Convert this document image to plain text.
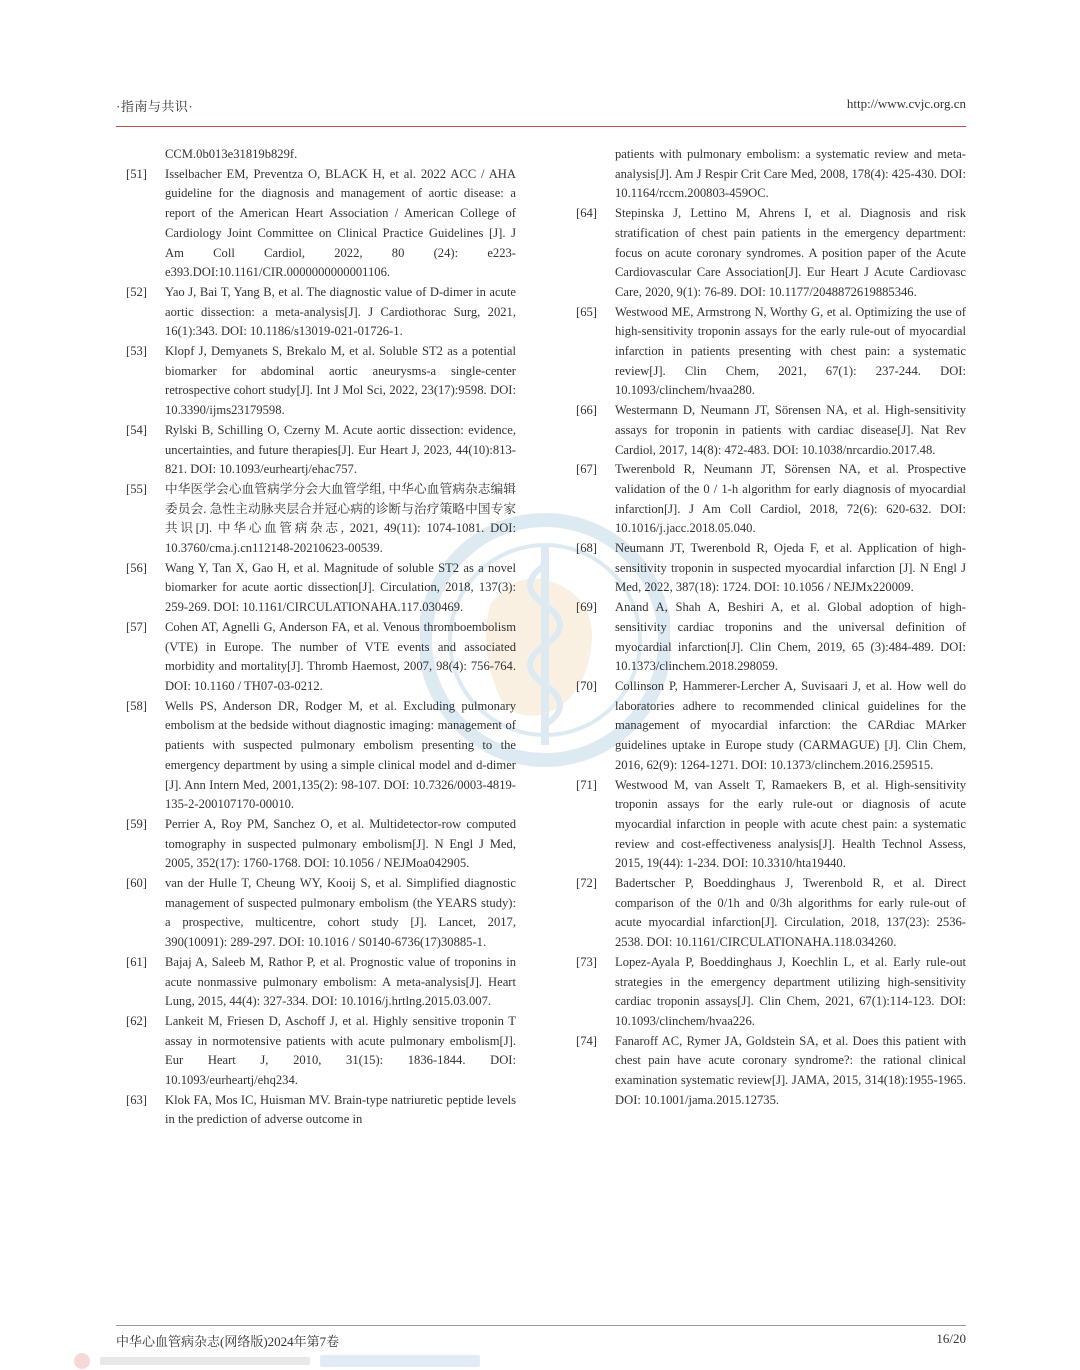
·指南与共识·	http://www.cvjc.org.cn
CCM.0b013e31819b829f.
[51] Isselbacher EM, Preventza O, BLACK H, et al. 2022 ACC / AHA guideline for the diagnosis and management of aortic disease: a report of the American Heart Association / American College of Cardiology Joint Committee on Clinical Practice Guidelines [J]. J Am Coll Cardiol, 2022, 80 (24): e223-e393.DOI:10.1161/CIR.0000000000001106.
[52] Yao J, Bai T, Yang B, et al. The diagnostic value of D-dimer in acute aortic dissection: a meta-analysis[J]. J Cardiothorac Surg, 2021, 16(1):343. DOI: 10.1186/s13019-021-01726-1.
[53] Klopf J, Demyanets S, Brekalo M, et al. Soluble ST2 as a potential biomarker for abdominal aortic aneurysms-a single-center retrospective cohort study[J]. Int J Mol Sci, 2022, 23(17):9598. DOI: 10.3390/ijms23179598.
[54] Rylski B, Schilling O, Czerny M. Acute aortic dissection: evidence, uncertainties, and future therapies[J]. Eur Heart J, 2023, 44(10):813-821. DOI: 10.1093/eurheartj/ehac757.
[55] 中华医学会心血管病学分会大血管学组, 中华心血管病杂志编辑委员会. 急性主动脉夹层合并冠心病的诊断与治疗策略中国专家共识[J]. 中华心血管病杂志, 2021, 49(11): 1074-1081. DOI: 10.3760/cma.j.cn112148-20210623-00539.
[56] Wang Y, Tan X, Gao H, et al. Magnitude of soluble ST2 as a novel biomarker for acute aortic dissection[J]. Circulation, 2018, 137(3): 259-269. DOI: 10.1161/CIRCULATIONAHA.117.030469.
[57] Cohen AT, Agnelli G, Anderson FA, et al. Venous thromboembolism (VTE) in Europe. The number of VTE events and associated morbidity and mortality[J]. Thromb Haemost, 2007, 98(4): 756-764. DOI: 10.1160 / TH07-03-0212.
[58] Wells PS, Anderson DR, Rodger M, et al. Excluding pulmonary embolism at the bedside without diagnostic imaging: management of patients with suspected pulmonary embolism presenting to the emergency department by using a simple clinical model and d-dimer [J]. Ann Intern Med, 2001,135(2): 98-107. DOI: 10.7326/0003-4819-135-2-200107170-00010.
[59] Perrier A, Roy PM, Sanchez O, et al. Multidetector-row computed tomography in suspected pulmonary embolism[J]. N Engl J Med, 2005, 352(17): 1760-1768. DOI: 10.1056 / NEJMoa042905.
[60] van der Hulle T, Cheung WY, Kooij S, et al. Simplified diagnostic management of suspected pulmonary embolism (the YEARS study): a prospective, multicentre, cohort study [J]. Lancet, 2017, 390(10091): 289-297. DOI: 10.1016 / S0140-6736(17)30885-1.
[61] Bajaj A, Saleeb M, Rathor P, et al. Prognostic value of troponins in acute nonmassive pulmonary embolism: A meta-analysis[J]. Heart Lung, 2015, 44(4): 327-334. DOI: 10.1016/j.hrtlng.2015.03.007.
[62] Lankeit M, Friesen D, Aschoff J, et al. Highly sensitive troponin T assay in normotensive patients with acute pulmonary embolism[J]. Eur Heart J, 2010, 31(15): 1836-1844. DOI: 10.1093/eurheartj/ehq234.
[63] Klok FA, Mos IC, Huisman MV. Brain-type natriuretic peptide levels in the prediction of adverse outcome in
patients with pulmonary embolism: a systematic review and meta-analysis[J]. Am J Respir Crit Care Med, 2008, 178(4): 425-430. DOI: 10.1164/rccm.200803-459OC.
[64] Stepinska J, Lettino M, Ahrens I, et al. Diagnosis and risk stratification of chest pain patients in the emergency department: focus on acute coronary syndromes. A position paper of the Acute Cardiovascular Care Association[J]. Eur Heart J Acute Cardiovasc Care, 2020, 9(1): 76-89. DOI: 10.1177/2048872619885346.
[65] Westwood ME, Armstrong N, Worthy G, et al. Optimizing the use of high-sensitivity troponin assays for the early rule-out of myocardial infarction in patients presenting with chest pain: a systematic review[J]. Clin Chem, 2021, 67(1): 237-244. DOI: 10.1093/clinchem/hvaa280.
[66] Westermann D, Neumann JT, Sörensen NA, et al. High-sensitivity assays for troponin in patients with cardiac disease[J]. Nat Rev Cardiol, 2017, 14(8): 472-483. DOI: 10.1038/nrcardio.2017.48.
[67] Twerenbold R, Neumann JT, Sörensen NA, et al. Prospective validation of the 0 / 1-h algorithm for early diagnosis of myocardial infarction[J]. J Am Coll Cardiol, 2018, 72(6): 620-632. DOI: 10.1016/j.jacc.2018.05.040.
[68] Neumann JT, Twerenbold R, Ojeda F, et al. Application of high-sensitivity troponin in suspected myocardial infarction [J]. N Engl J Med, 2022, 387(18): 1724. DOI: 10.1056 / NEJMx220009.
[69] Anand A, Shah A, Beshiri A, et al. Global adoption of high-sensitivity cardiac troponins and the universal definition of myocardial infarction[J]. Clin Chem, 2019, 65 (3):484-489. DOI: 10.1373/clinchem.2018.298059.
[70] Collinson P, Hammerer-Lercher A, Suvisaari J, et al. How well do laboratories adhere to recommended clinical guidelines for the management of myocardial infarction: the CARdiac MArker guidelines uptake in Europe study (CARMAGUE) [J]. Clin Chem, 2016, 62(9): 1264-1271. DOI: 10.1373/clinchem.2016.259515.
[71] Westwood M, van Asselt T, Ramaekers B, et al. High-sensitivity troponin assays for the early rule-out or diagnosis of acute myocardial infarction in people with acute chest pain: a systematic review and cost-effectiveness analysis[J]. Health Technol Assess, 2015, 19(44): 1-234. DOI: 10.3310/hta19440.
[72] Badertscher P, Boeddinghaus J, Twerenbold R, et al. Direct comparison of the 0/1h and 0/3h algorithms for early rule-out of acute myocardial infarction[J]. Circulation, 2018, 137(23): 2536-2538. DOI: 10.1161/CIRCULATIONAHA.118.034260.
[73] Lopez-Ayala P, Boeddinghaus J, Koechlin L, et al. Early rule-out strategies in the emergency department utilizing high-sensitivity cardiac troponin assays[J]. Clin Chem, 2021, 67(1):114-123. DOI: 10.1093/clinchem/hvaa226.
[74] Fanaroff AC, Rymer JA, Goldstein SA, et al. Does this patient with chest pain have acute coronary syndrome?: the rational clinical examination systematic review[J]. JAMA, 2015, 314(18):1955-1965. DOI: 10.1001/jama.2015.12735.
中华心血管病杂志(网络版)2024年第7卷	16/20
